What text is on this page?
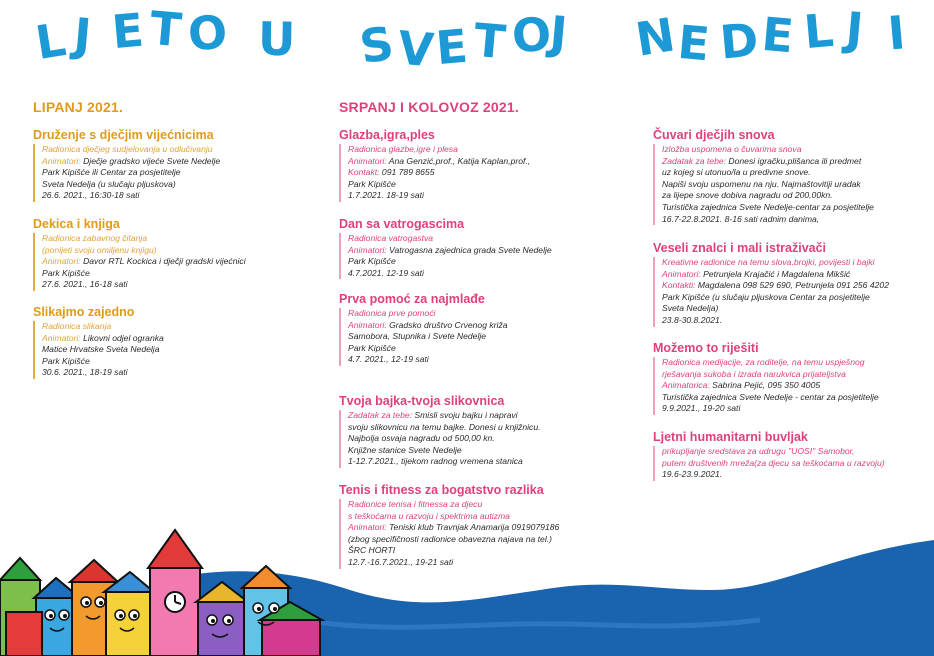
L J E T O U S
V
E T O
J N
E D E L J I
LIPANJ 2021.	SRPANJ I KOLOVOZ 2021.
Druženje s dječjim vijećnicima
Radionica dječjeg sudjelovanja u odlučivanju
Animatori: Dječje gradsko vijeće Svete Nedelje
Park Kipišće ili Centar za posjetitelje
Sveta Nedelja (u slučaju pljuskova)
26.6. 2021., 16:30-18 sati
Dekica i knjiga
Radionica zabavnog čitanja
(ponijeti svoju omiljenu knjigu)
Animatori: Davor RTL Kockica i dječji gradski vijećnici
Park Kipišće
27.6. 2021., 16-18 sati
Slikajmo zajedno
Radionica slikanja
Animatori: Likovni odjel ogranka
Matice Hrvatske Sveta Nedelja
Park Kipišće
30.6. 2021., 18-19 sati
Glazba,igra,ples
Radionica glazbe,igre i plesa
Animatori: Ana Genzić,prof., Katija Kaplan,prof.,
Kontakt: 091 789 8655
Park Kipišće
1.7.2021. 18-19 sati
Dan sa vatrogascima
Radionica vatrogastva
Animatori: Vatrogasna zajednica grada Svete Nedelje
Park Kipišće
4.7.2021. 12-19 sati
Prva pomoć za najmlađe
Radionica prve pomoći
Animatori: Gradsko društvo Crvenog križa
Samobora, Stupnika i Svete Nedelje
Park Kipišće
4.7. 2021., 12-19 sati
Tvoja bajka-tvoja slikovnica
Zadatak za tebe: Smisli svoju bajku i napravi
svoju slikovnicu na temu bajke. Donesi u knjižnicu.
Najbolja osvaja nagradu od 500,00 kn.
Knjižne stanice Svete Nedelje
1-12.7.2021., tijekom radnog vremena stanica
Tenis i fitness za bogatstvo razlika
Radionice tenisa i fitnessa za djecu
s teškoćama u razvoju i spektrima autizma
Animatori: Teniski klub Travnjak Anamarija 0919079186
(zbog specifičnosti radionice obavezna najava na tel.)
ŠRC HORTI
12.7.-16.7.2021., 19-21 sati
Čuvari dječjih snova
Izložba uspomena o čuvarima snova
Zadatak za tebe: Donesi igračku,plišanca ili predmet
uz kojeg si utonuo/la u predivne snove.
Napiši svoju uspomenu na nju. Najmaštovitiji uradak
za lijepe snove dobiva nagradu od 200,00kn.
Turistička zajednica Svete Nedelje-centar za posjetitelje
16.7-22.8.2021. 8-16 sati radnim danima,
Veseli znalci i mali istraživači
Kreativne radionice na temu slova,brojki, povijesti i bajki
Animatori: Petrunjela Krajačić i Magdalena Mikšić
Kontakti: Magdalena 098 529 690, Petrunjela 091 256 4202
Park Kipišće (u slučaju pljuskova Centar za posjetitelje
Sveta Nedelja)
23.8-30.8.2021.
Možemo to riješiti
Radionica medijacije, za roditelje, na temu uspješnog
rješavanja sukoba i izrada narukvica prijateljstva
Animatorica: Sabrina Pejić, 095 350 4005
Turistička zajednica Svete Nedelje - centar za posjetitelje
9.9.2021., 19-20 sati
Ljetni humanitarni buvljak
prikupljanje sredstava za udrugu "UOSI" Samobor,
putem društvenih mreža(za djecu sa teškoćama u razvoju)
19.6-23.9.2021.
